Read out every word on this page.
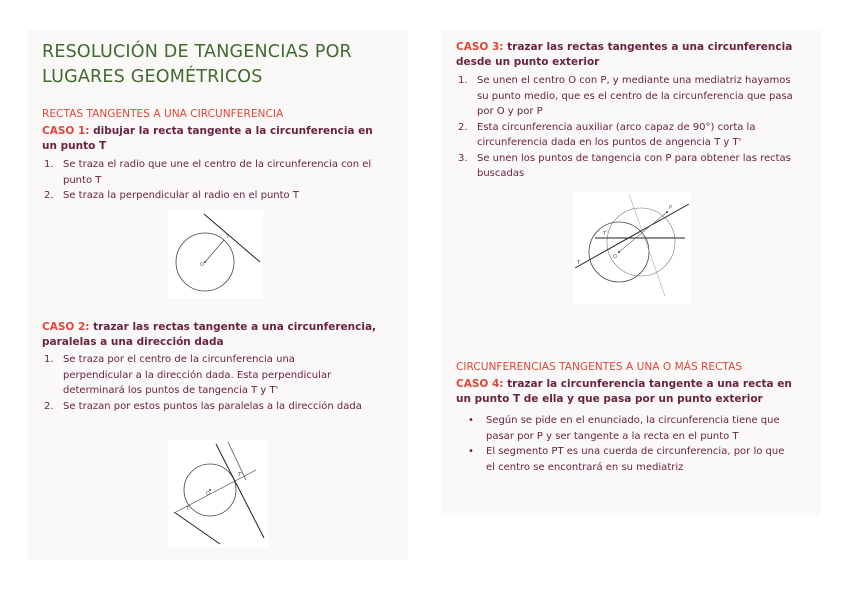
RESOLUCIÓN DE TANGENCIAS POR LUGARES GEOMÉTRICOS
RECTAS TANGENTES A UNA CIRCUNFERENCIA
CASO 1: dibujar la recta tangente a la circunferencia en un punto T
1. Se traza el radio que une el centro de la circunferencia con el punto T
2. Se traza la perpendicular al radio en el punto T
T
O
CASO 2: trazar las rectas tangente a una circunferencia, paralelas a una dirección dada
1. Se traza por el centro de la circunferencia una perpendicular a la dirección dada. Esta perpendicular determinará los puntos de tangencia T y T'
2. Se trazan por estos puntos las paralelas a la dirección dada
O
T
T'
CASO 3: trazar las rectas tangentes a una circunferencia desde un punto exterior
1. Se unen el centro O con P, y mediante una mediatriz hayamos su punto medio, que es el centro de la circunferencia que pasa por O y por P
2. Esta circunferencia auxiliar (arco capaz de 90°) corta la circunferencia dada en los puntos de angencia T y T'
3. Se unen los puntos de tangencia con P para obtener las rectas buscadas
O
P
T
T'
CIRCUNFERENCIAS TANGENTES A UNA O MÁS RECTAS
CASO 4: trazar la circunferencia tangente a una recta en un punto T de ella y que pasa por un punto exterior
• Según se pide en el enunciado, la circunferencia tiene que pasar por P y ser tangente a la recta en el punto T
• El segmento PT es una cuerda de circunferencia, por lo que el centro se encontrará en su mediatriz
